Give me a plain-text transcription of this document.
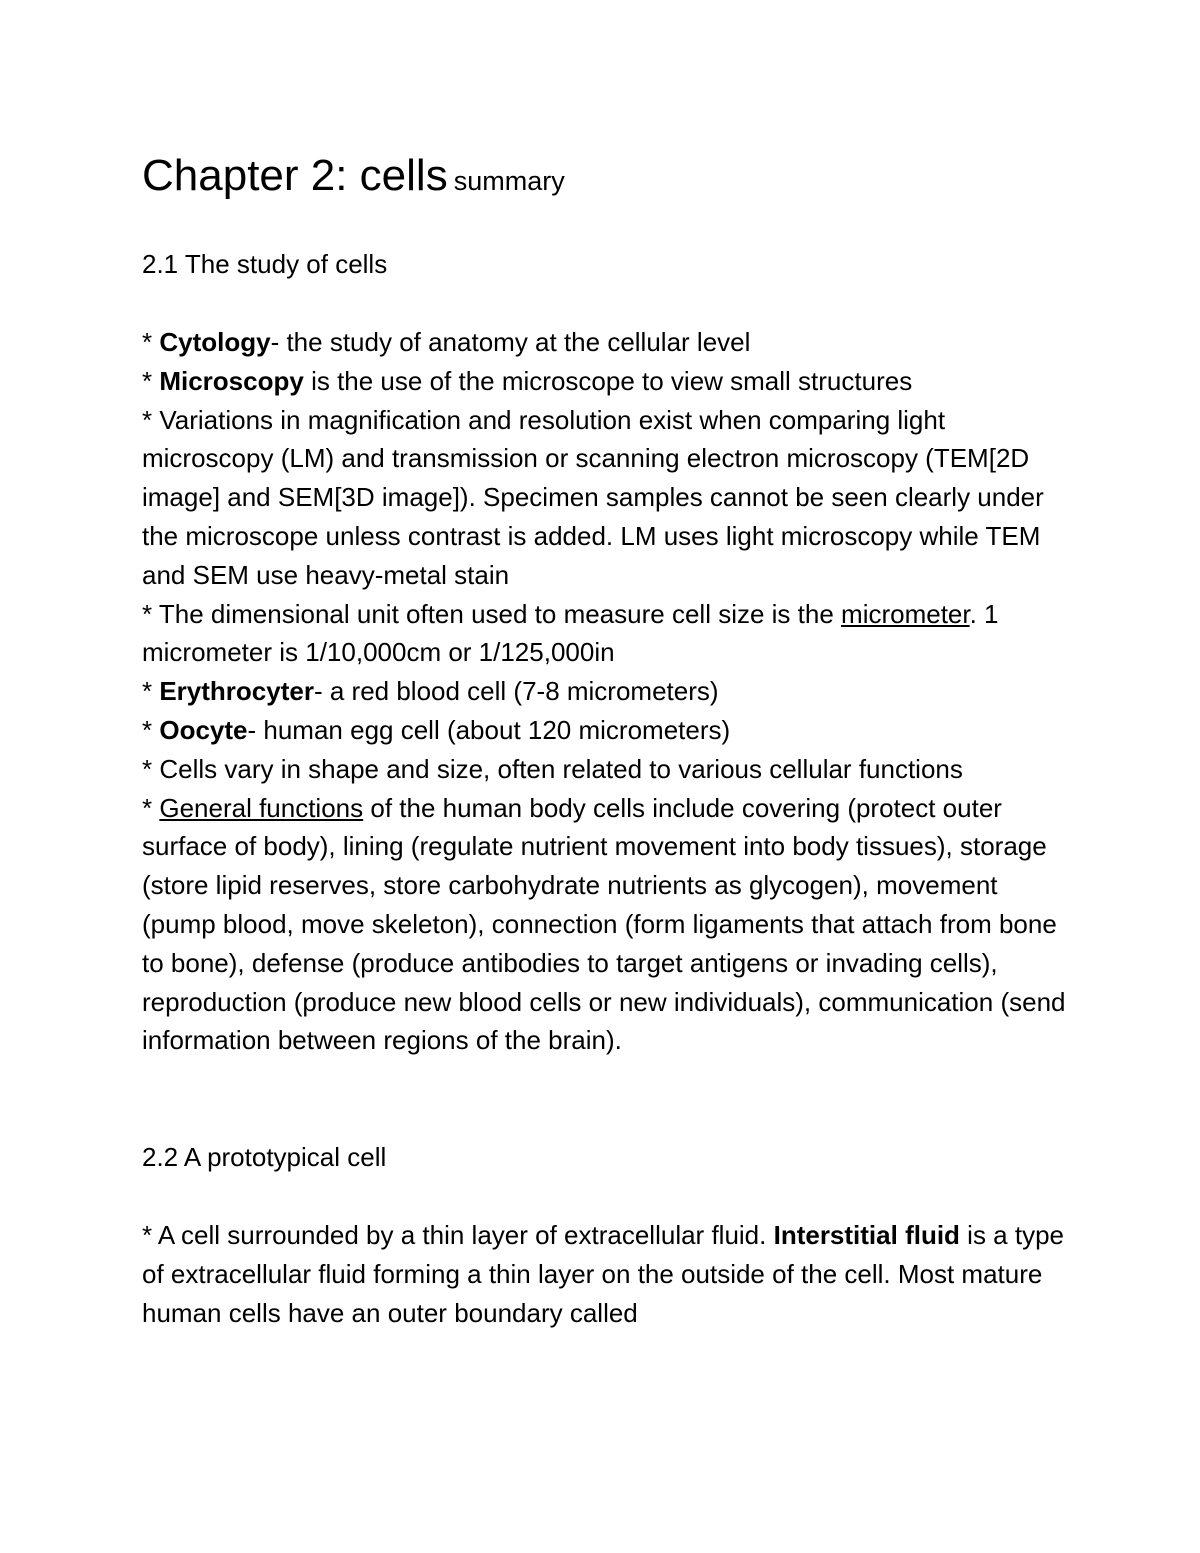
Chapter 2: cells summary
2.1 The study of cells

* Cytology- the study of anatomy at the cellular level

* Microscopy is the use of the microscope to view small structures

* Variations in magnification and resolution exist when comparing light microscopy (LM) and transmission or scanning electron microscopy (TEM[2D image] and SEM[3D image]). Specimen samples cannot be seen clearly under the microscope unless contrast is added. LM uses light microscopy while TEM and SEM use heavy-metal stain

* The dimensional unit often used to measure cell size is the micrometer. 1 micrometer is 1/10,000cm or 1/125,000in

* Erythrocyter- a red blood cell (7-8 micrometers)

* Oocyte- human egg cell (about 120 micrometers)

* Cells vary in shape and size, often related to various cellular functions

* General functions of the human body cells include covering (protect outer surface of body), lining (regulate nutrient movement into body tissues), storage (store lipid reserves, store carbohydrate nutrients as glycogen), movement (pump blood, move skeleton), connection (form ligaments that attach from bone to bone), defense (produce antibodies to target antigens or invading cells), reproduction (produce new blood cells or new individuals), communication (send information between regions of the brain).

2.2 A prototypical cell

* A cell surrounded by a thin layer of extracellular fluid. Interstitial fluid is a type of extracellular fluid forming a thin layer on the outside of the cell. Most mature human cells have an outer boundary called
